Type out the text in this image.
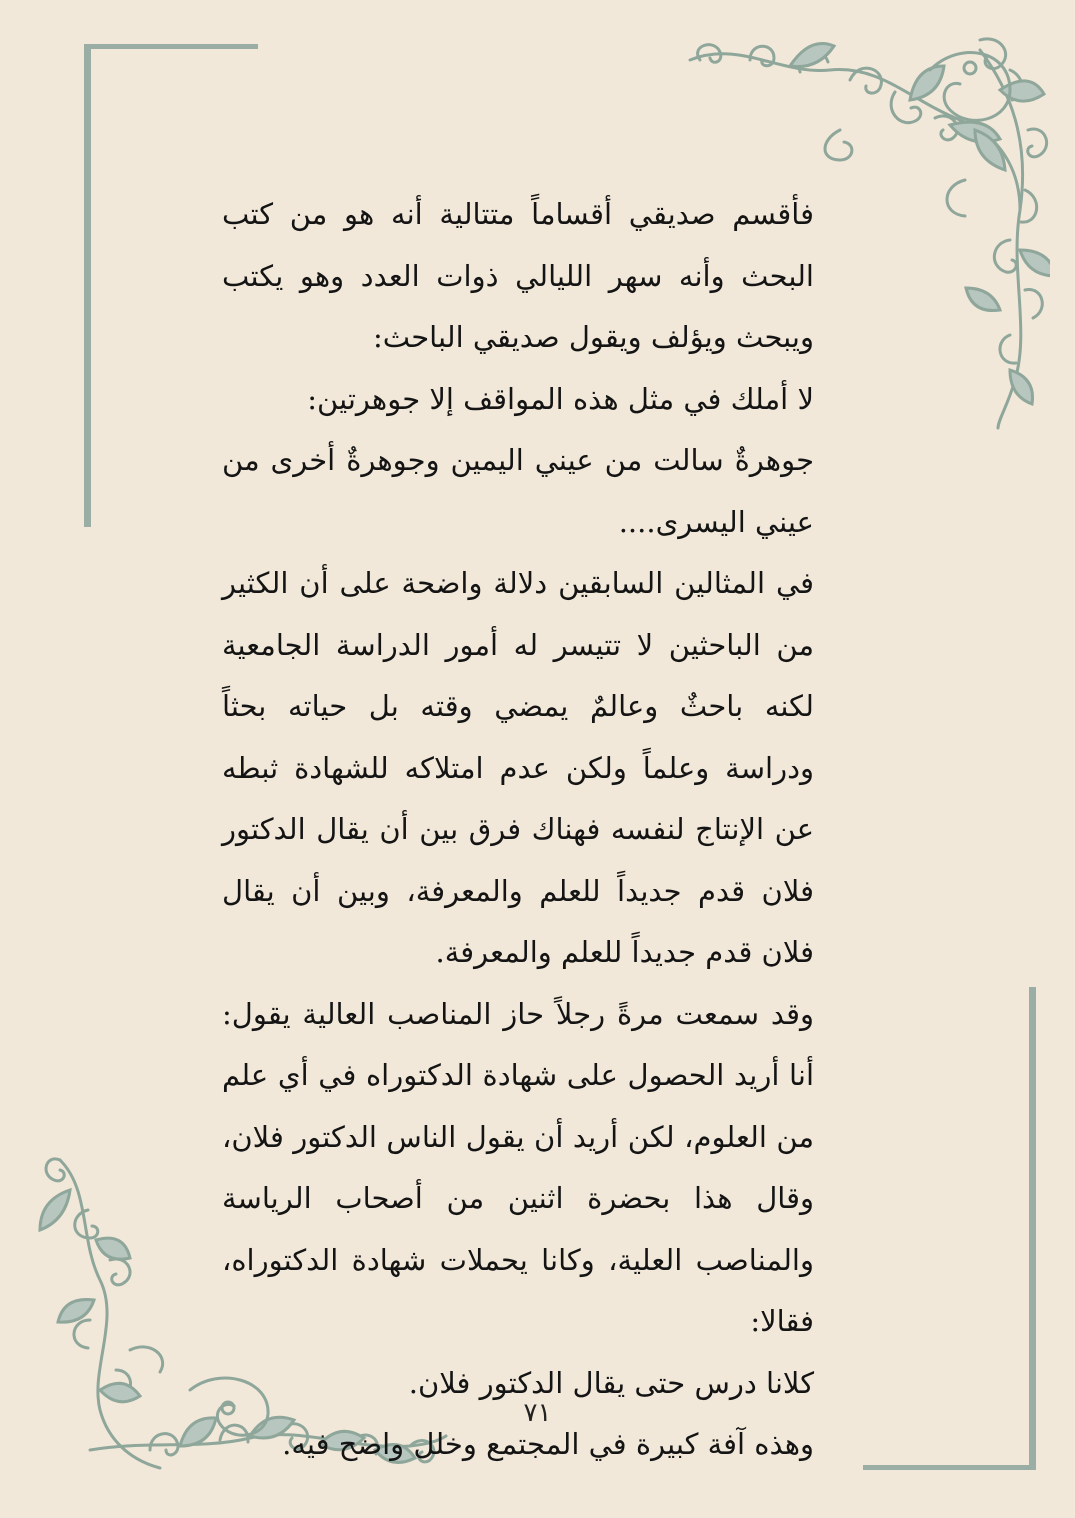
فأقسم صديقي أقساماً متتالية أنه هو من كتب البحث وأنه سهر الليالي ذوات العدد وهو يكتب ويبحث ويؤلف ويقول صديقي الباحث:

لا أملك في مثل هذه المواقف إلا جوهرتين:

جوهرةٌ سالت من عيني اليمين وجوهرةٌ أخرى من عيني اليسرى....

في المثالين السابقين دلالة واضحة على أن الكثير من الباحثين لا تتيسر له أمور الدراسة الجامعية لكنه باحثٌ وعالمٌ يمضي وقته بل حياته بحثاً ودراسة وعلماً ولكن عدم امتلاكه للشهادة ثبطه عن الإنتاج لنفسه فهناك فرق بين أن يقال الدكتور فلان قدم جديداً للعلم والمعرفة، وبين أن يقال فلان قدم جديداً للعلم والمعرفة.

وقد سمعت مرةً رجلاً حاز المناصب العالية يقول: أنا أريد الحصول على شهادة الدكتوراه في أي علم من العلوم، لكن أريد أن يقول الناس الدكتور فلان، وقال هذا بحضرة اثنين من أصحاب الرياسة والمناصب العلية، وكانا يحملات شهادة الدكتوراه، فقالا:

كلانا درس حتى يقال الدكتور فلان.

وهذه آفة كبيرة في المجتمع وخلل واضح فيه.

٧١
